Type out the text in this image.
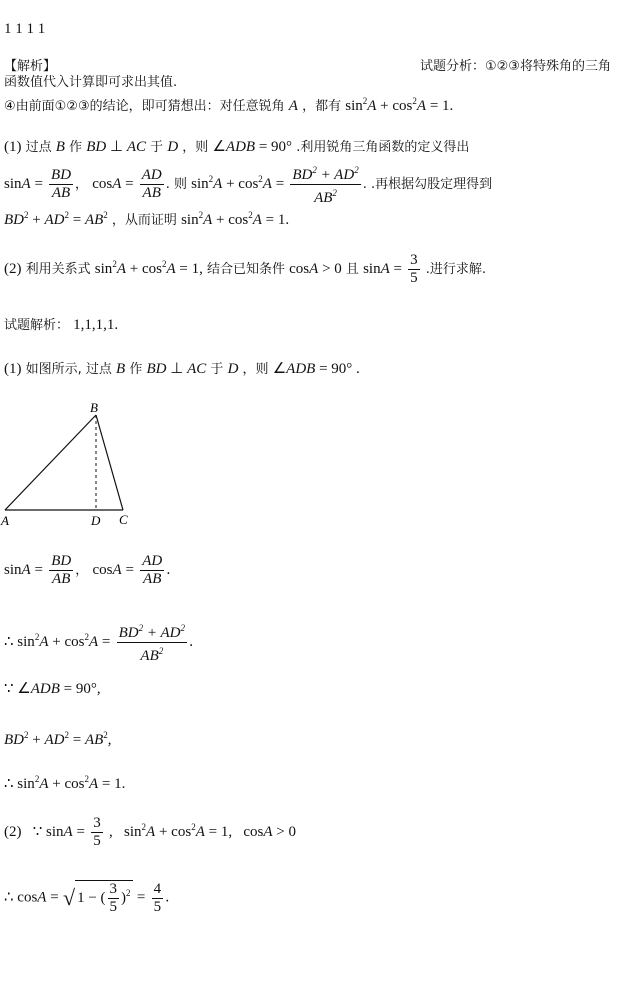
1 1 1 1
【解析】	试题分析：①②③将特殊角的三角
函数值代入计算即可求出其值.
④由前面①②③的结论，即可猜想出：对任意锐角 A ，都有 $\sin^2A + \cos^2A = 1$.
(1) 过点 B 作 BD ⊥ AC 于 D ，则 ∠ADB = 90° .利用锐角三角函数的定义得出
$\sin A = \frac{BD}{AB}$ ， $\cos A = \frac{AD}{AB}$ . 则 $\sin^2A + \cos^2A = \frac{BD^2 + AD^2}{AB^2}$ . .再根据勾股定理得到
$BD^2 + AD^2 = AB^2$ ，从而证明 $\sin^2A + \cos^2A = 1$.
(2) 利用关系式 $\sin^2A + \cos^2A = 1$, 结合已知条件 cosA > 0 且 $\sin A = \frac{3}{5}$ .进行求解.
试题解析： 1,1,1,1.
(1) 如图所示, 过点 B 作 BD ⊥ AC 于 D ，则 ∠ADB = 90° .
B
A	D C
$\sin A = \frac{BD}{AB}$ ， $\cos A = \frac{AD}{AB}$ .
∴ $\sin^2A + \cos^2A = \frac{BD^2 + AD^2}{AB^2}$ .
∵ ∠ADB = 90°,
$BD^2 + AD^2 = AB^2$,
∴ $\sin^2A + \cos^2A = 1$.
(2)   ∵ $\sin A = \frac{3}{5}$ ,   $\sin^2A + \cos^2A = 1$,   cosA > 0
∴ cosA = √ 1 − ( $\frac{3}{5} )^2 = \frac{4}{5}$ .
